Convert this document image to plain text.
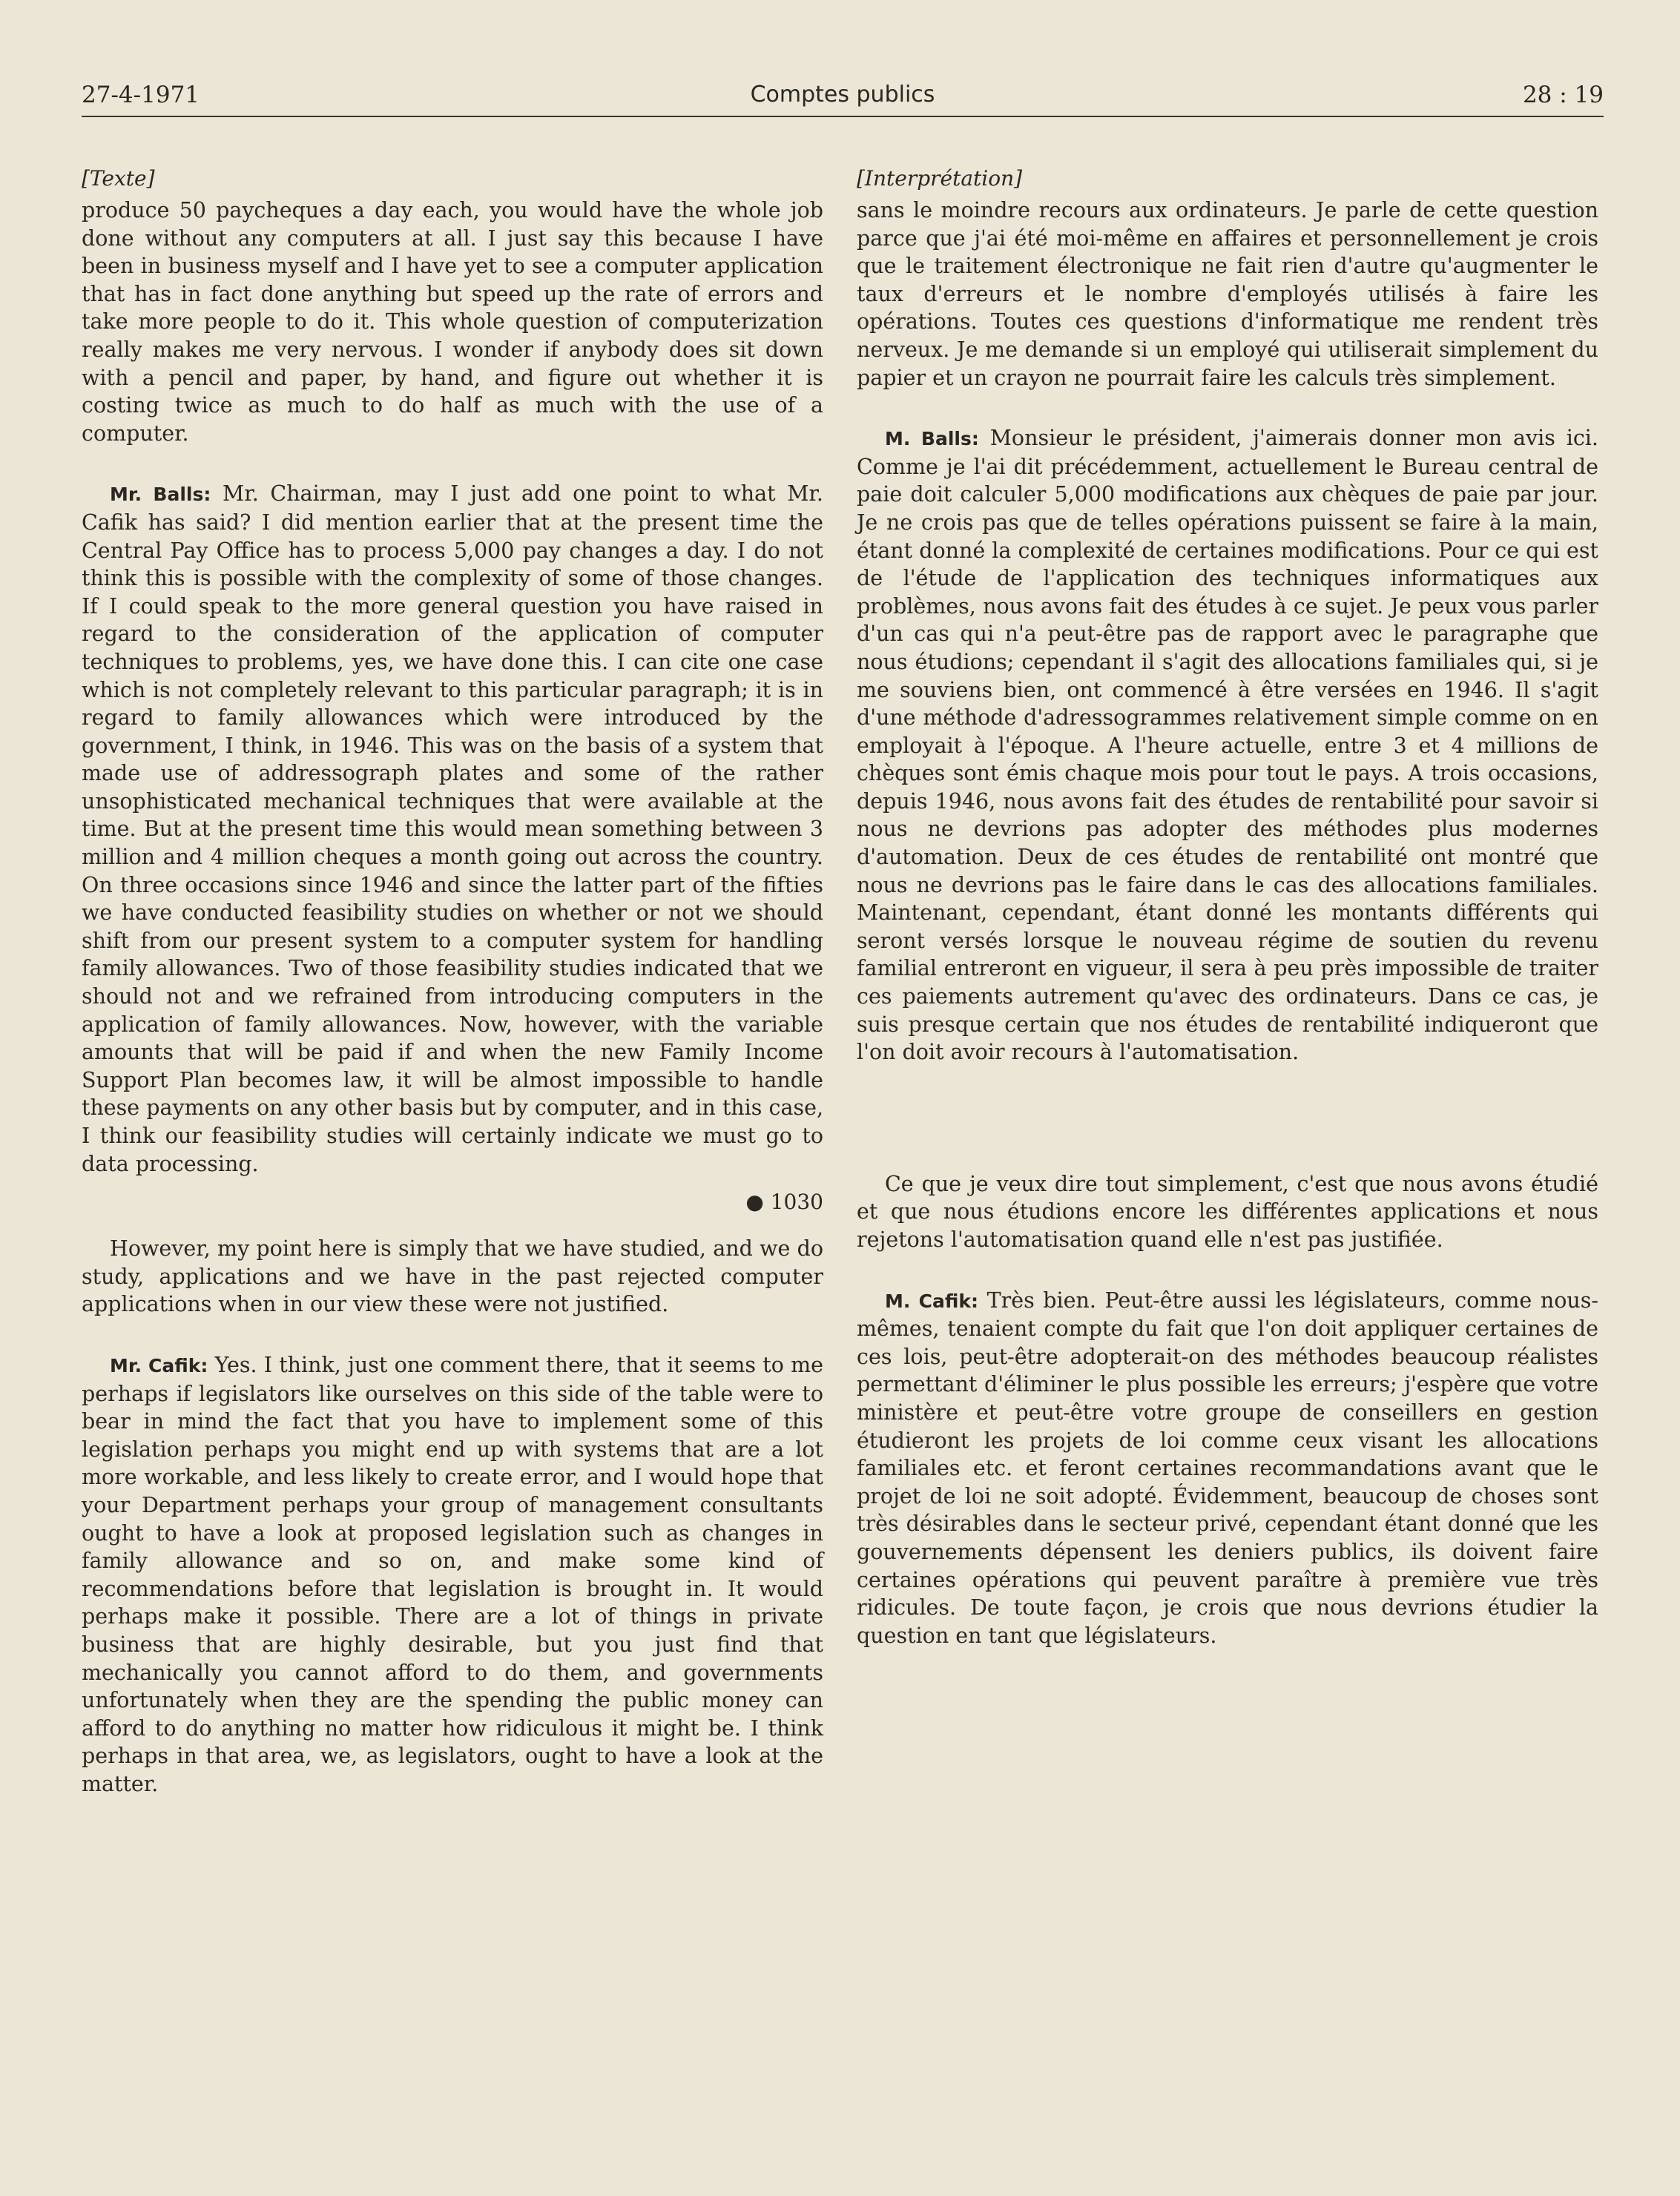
27-4-1971	Comptes publics	28 : 19
[Texte]

produce 50 paycheques a day each, you would have the whole job done without any computers at all. I just say this because I have been in business myself and I have yet to see a computer application that has in fact done anything but speed up the rate of errors and take more people to do it. This whole question of computerization really makes me very nervous. I wonder if anybody does sit down with a pencil and paper, by hand, and figure out whether it is costing twice as much to do half as much with the use of a computer.

Mr. Balls: Mr. Chairman, may I just add one point to what Mr. Cafik has said? I did mention earlier that at the present time the Central Pay Office has to process 5,000 pay changes a day. I do not think this is possible with the complexity of some of those changes. If I could speak to the more general question you have raised in regard to the consideration of the application of computer techniques to problems, yes, we have done this. I can cite one case which is not completely relevant to this particular paragraph; it is in regard to family allowances which were introduced by the government, I think, in 1946. This was on the basis of a system that made use of addressograph plates and some of the rather unsophisticated mechanical techniques that were available at the time. But at the present time this would mean something between 3 million and 4 million cheques a month going out across the country. On three occasions since 1946 and since the latter part of the fifties we have conducted feasibility studies on whether or not we should shift from our present system to a computer system for handling family allowances. Two of those feasibility studies indicated that we should not and we refrained from introducing computers in the application of family allowances. Now, however, with the variable amounts that will be paid if and when the new Family Income Support Plan becomes law, it will be almost impossible to handle these payments on any other basis but by computer, and in this case, I think our feasibility studies will certainly indicate we must go to data processing.

● 1030

However, my point here is simply that we have studied, and we do study, applications and we have in the past rejected computer applications when in our view these were not justified.

Mr. Cafik: Yes. I think, just one comment there, that it seems to me perhaps if legislators like ourselves on this side of the table were to bear in mind the fact that you have to implement some of this legislation perhaps you might end up with systems that are a lot more workable, and less likely to create error, and I would hope that your Department perhaps your group of management consultants ought to have a look at proposed legislation such as changes in family allowance and so on, and make some kind of recommendations before that legislation is brought in. It would perhaps make it possible. There are a lot of things in private business that are highly desirable, but you just find that mechanically you cannot afford to do them, and governments unfortunately when they are the spending the public money can afford to do anything no matter how ridiculous it might be. I think perhaps in that area, we, as legislators, ought to have a look at the matter.

[Interprétation]

sans le moindre recours aux ordinateurs. Je parle de cette question parce que j'ai été moi-même en affaires et personnellement je crois que le traitement électronique ne fait rien d'autre qu'augmenter le taux d'erreurs et le nombre d'employés utilisés à faire les opérations. Toutes ces questions d'informatique me rendent très nerveux. Je me demande si un employé qui utiliserait simplement du papier et un crayon ne pourrait faire les calculs très simplement.

M. Balls: Monsieur le président, j'aimerais donner mon avis ici. Comme je l'ai dit précédemment, actuellement le Bureau central de paie doit calculer 5,000 modifications aux chèques de paie par jour. Je ne crois pas que de telles opérations puissent se faire à la main, étant donné la complexité de certaines modifications. Pour ce qui est de l'étude de l'application des techniques informatiques aux problèmes, nous avons fait des études à ce sujet. Je peux vous parler d'un cas qui n'a peut-être pas de rapport avec le paragraphe que nous étudions; cependant il s'agit des allocations familiales qui, si je me souviens bien, ont commencé à être versées en 1946. Il s'agit d'une méthode d'adressogrammes relativement simple comme on en employait à l'époque. A l'heure actuelle, entre 3 et 4 millions de chèques sont émis chaque mois pour tout le pays. A trois occasions, depuis 1946, nous avons fait des études de rentabilité pour savoir si nous ne devrions pas adopter des méthodes plus modernes d'automation. Deux de ces études de rentabilité ont montré que nous ne devrions pas le faire dans le cas des allocations familiales. Maintenant, cependant, étant donné les montants différents qui seront versés lorsque le nouveau régime de soutien du revenu familial entreront en vigueur, il sera à peu près impossible de traiter ces paiements autrement qu'avec des ordinateurs. Dans ce cas, je suis presque certain que nos études de rentabilité indiqueront que l'on doit avoir recours à l'automatisation.

Ce que je veux dire tout simplement, c'est que nous avons étudié et que nous étudions encore les différentes applications et nous rejetons l'automatisation quand elle n'est pas justifiée.

M. Cafik: Très bien. Peut-être aussi les législateurs, comme nous-mêmes, tenaient compte du fait que l'on doit appliquer certaines de ces lois, peut-être adopterait-on des méthodes beaucoup réalistes permettant d'éliminer le plus possible les erreurs; j'espère que votre ministère et peut-être votre groupe de conseillers en gestion étudieront les projets de loi comme ceux visant les allocations familiales etc. et feront certaines recommandations avant que le projet de loi ne soit adopté. Évidemment, beaucoup de choses sont très désirables dans le secteur privé, cependant étant donné que les gouvernements dépensent les deniers publics, ils doivent faire certaines opérations qui peuvent paraître à première vue très ridicules. De toute façon, je crois que nous devrions étudier la question en tant que législateurs.
